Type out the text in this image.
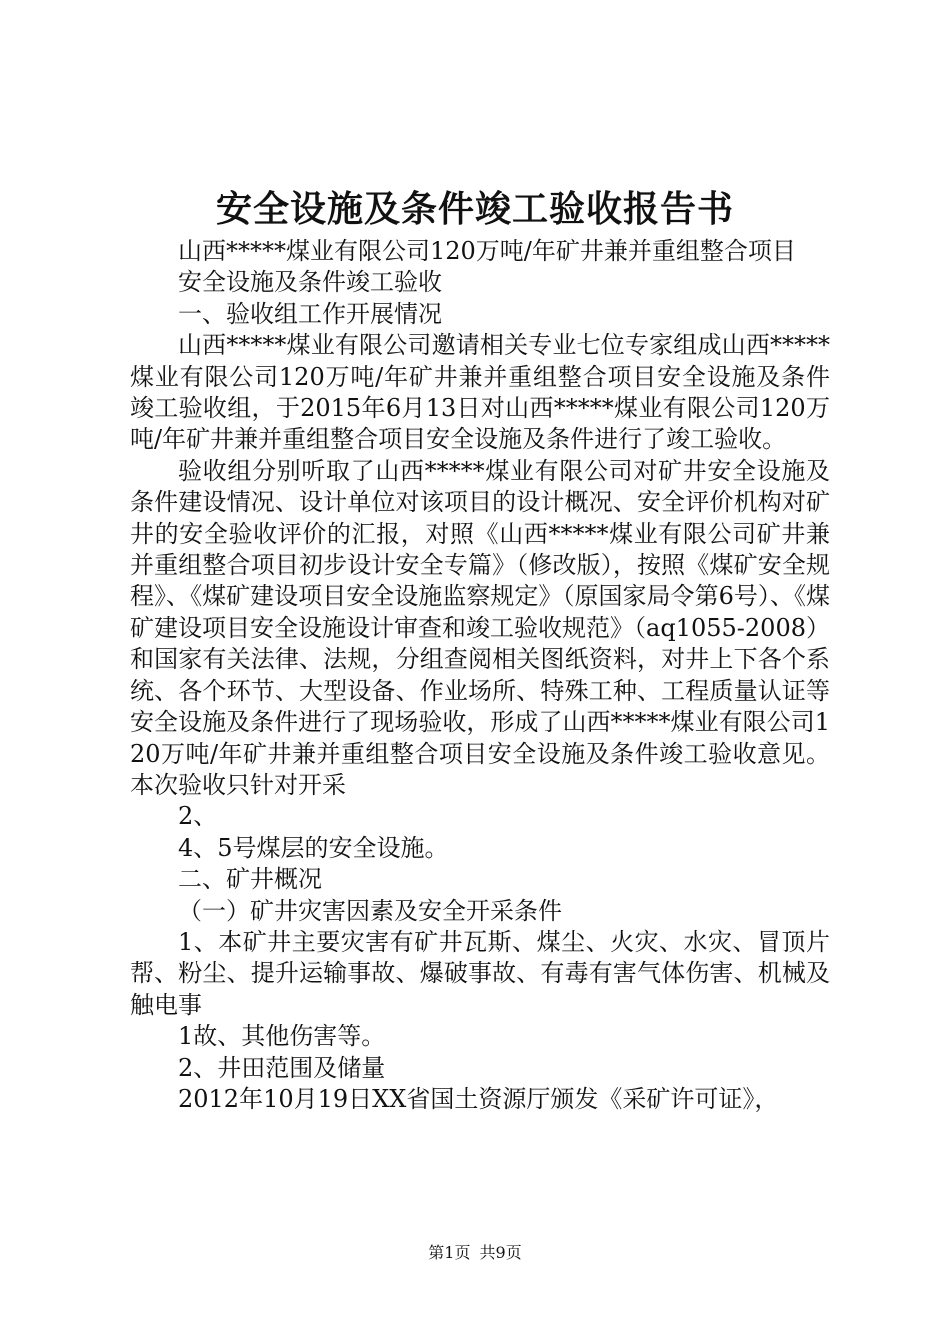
安全设施及条件竣工验收报告书

山西*****煤业有限公司120万吨/年矿井兼并重组整合项目

安全设施及条件竣工验收

一、验收组工作开展情况

山西*****煤业有限公司邀请相关专业七位专家组成山西*****煤业有限公司120万吨/年矿井兼并重组整合项目安全设施及条件竣工验收组，于2015年6月13日对山西*****煤业有限公司120万吨/年矿井兼并重组整合项目安全设施及条件进行了竣工验收。

验收组分别听取了山西*****煤业有限公司对矿井安全设施及条件建设情况、设计单位对该项目的设计概况、安全评价机构对矿井的安全验收评价的汇报，对照《山西*****煤业有限公司矿井兼并重组整合项目初步设计安全专篇》（修改版），按照《煤矿安全规程》、《煤矿建设项目安全设施监察规定》（原国家局令第6号）、《煤矿建设项目安全设施设计审查和竣工验收规范》（aq1055-2008）和国家有关法律、法规，分组查阅相关图纸资料，对井上下各个系统、各个环节、大型设备、作业场所、特殊工种、工程质量认证等安全设施及条件进行了现场验收，形成了山西*****煤业有限公司120万吨/年矿井兼并重组整合项目安全设施及条件竣工验收意见。本次验收只针对开采

2、

4、5号煤层的安全设施。

二、矿井概况

（一）矿井灾害因素及安全开采条件

1、本矿井主要灾害有矿井瓦斯、煤尘、火灾、水灾、冒顶片帮、粉尘、提升运输事故、爆破事故、有毒有害气体伤害、机械及触电事

1故、其他伤害等。

2、井田范围及储量

2012年10月19日XX省国土资源厅颁发《采矿许可证》，

第1页 共9页
